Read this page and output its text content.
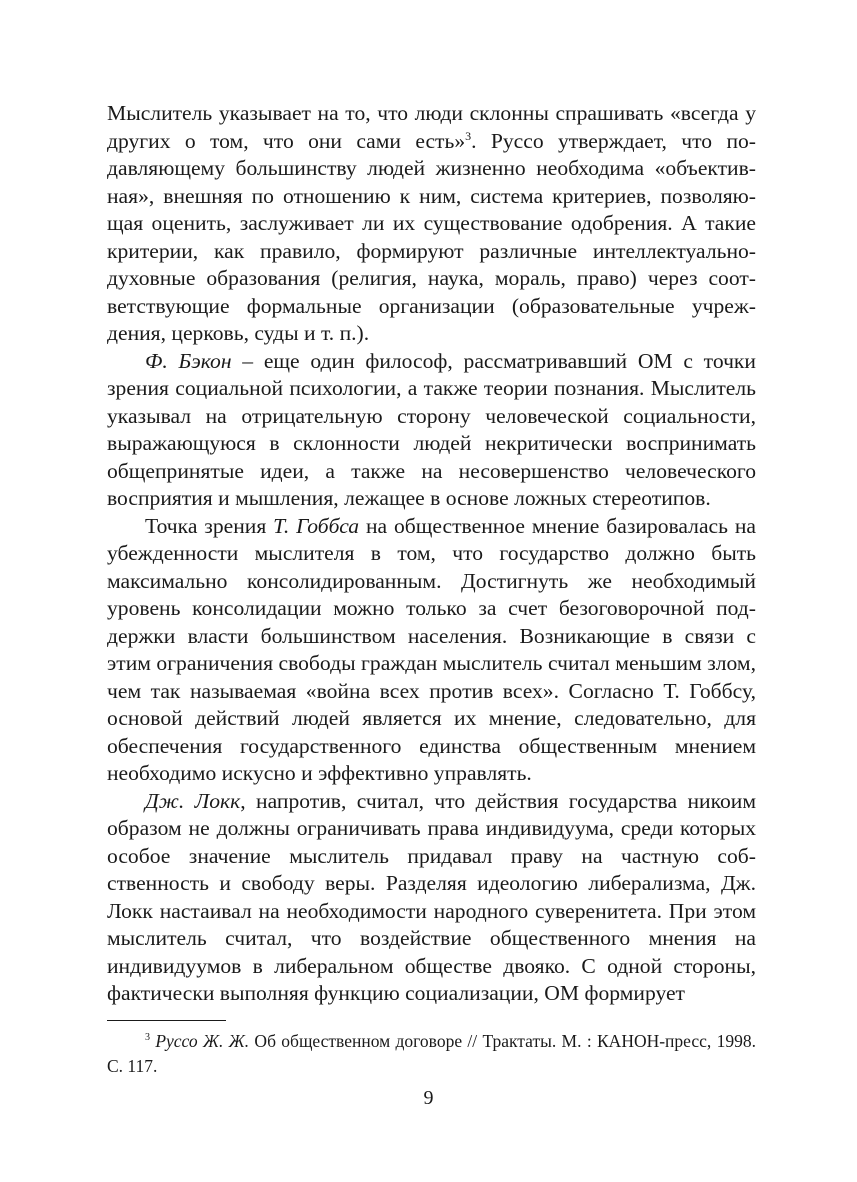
Мыслитель указывает на то, что люди склонны спрашивать «всегда у других о том, что они сами есть»$^3$. Руссо утверждает, что подавляющему большинству людей жизненно необходима «объективная», внешняя по отношению к ним, система критериев, позволяющая оценить, заслуживает ли их существование одобрения. А такие критерии, как правило, формируют различные интеллектуально-духовные образования (религия, наука, мораль, право) через соответствующие формальные организации (образовательные учреждения, церковь, суды и т. п.).

Ф. Бэкон – еще один философ, рассматривавший ОМ с точки зрения социальной психологии, а также теории познания. Мыслитель указывал на отрицательную сторону человеческой социальности, выражающуюся в склонности людей некритически воспринимать общепринятые идеи, а также на несовершенство человеческого восприятия и мышления, лежащее в основе ложных стереотипов.

Точка зрения Т. Гоббса на общественное мнение базировалась на убежденности мыслителя в том, что государство должно быть максимально консолидированным. Достигнуть же необходимый уровень консолидации можно только за счет безоговорочной поддержки власти большинством населения. Возникающие в связи с этим ограничения свободы граждан мыслитель считал меньшим злом, чем так называемая «война всех против всех». Согласно Т. Гоббсу, основой действий людей является их мнение, следовательно, для обеспечения государственного единства общественным мнением необходимо искусно и эффективно управлять.

Дж. Локк, напротив, считал, что действия государства никоим образом не должны ограничивать права индивидуума, среди которых особое значение мыслитель придавал праву на частную собственность и свободу веры. Разделяя идеологию либерализма, Дж. Локк настаивал на необходимости народного суверенитета. При этом мыслитель считал, что воздействие общественного мнения на индивидуумов в либеральном обществе двояко. С одной стороны, фактически выполняя функцию социализации, ОМ формирует

$^3$ Руссо Ж. Ж. Об общественном договоре // Трактаты. М. : КАНОН-пресс, 1998. С. 117.

9
